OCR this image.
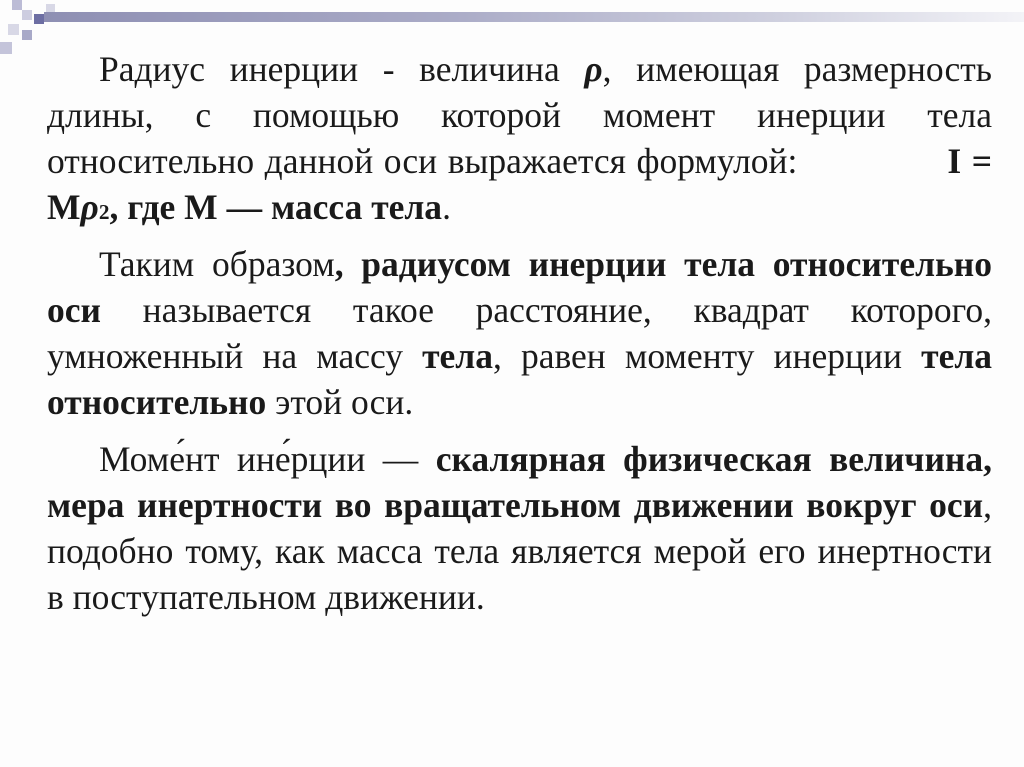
Радиус инерции - величина ρ, имеющая размерность длины, с помощью которой момент инерции тела относительно данной оси выражается формулой:	$I = M\rho^2$, где M — масса тела.

Таким образом, радиусом инерции тела относительно оси называется такое расстояние, квадрат которого, умноженный на массу тела, равен моменту инерции тела относительно этой оси.

Моме́нт ине́рции — скалярная физическая величина, мера инертности во вращательном движении вокруг оси, подобно тому, как масса тела является мерой его инертности в поступательном движении.
